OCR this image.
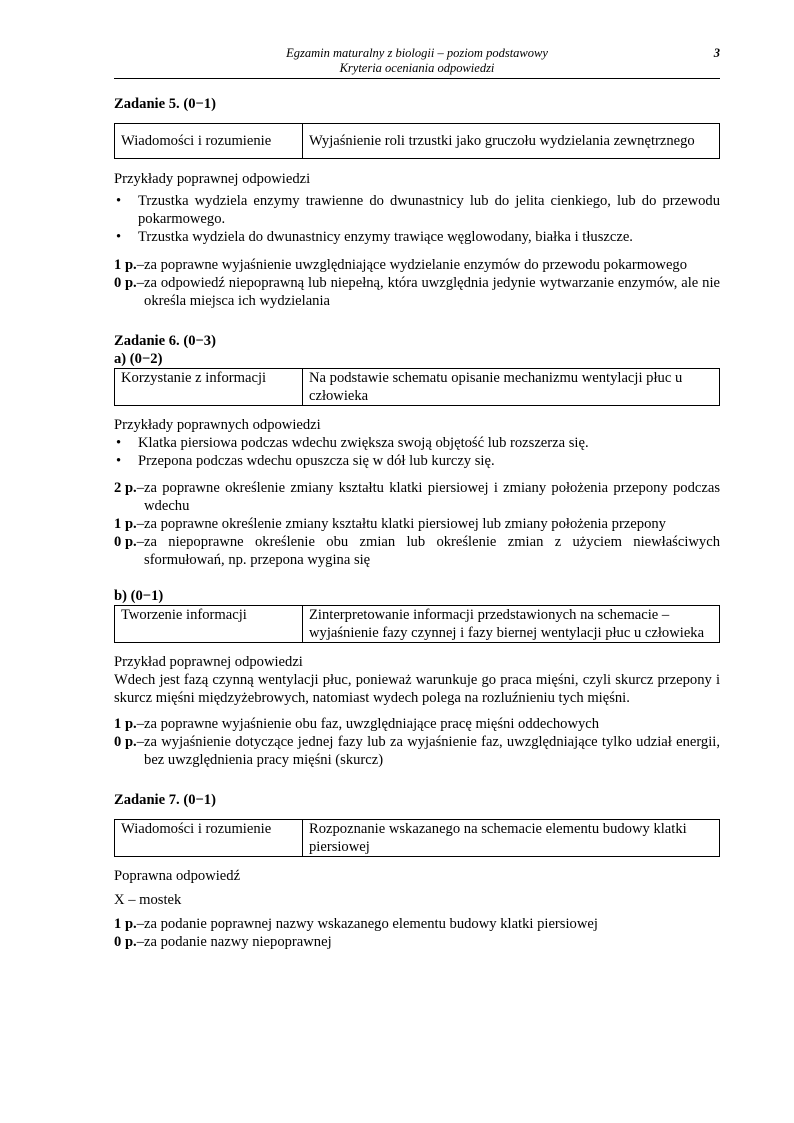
Egzamin maturalny z biologii – poziom podstawowy
Kryteria oceniania odpowiedzi
3
Zadanie 5. (0−1)
Wiadomości i rozumienie	Wyjaśnienie roli trzustki jako gruczołu wydzielania zewnętrznego
Przykłady poprawnej odpowiedzi
• Trzustka wydziela enzymy trawienne do dwunastnicy lub do jelita cienkiego, lub do przewodu pokarmowego.
• Trzustka wydziela do dwunastnicy enzymy trawiące węglowodany, białka i tłuszcze.
1 p. – za poprawne wyjaśnienie uwzględniające wydzielanie enzymów do przewodu pokarmowego
0 p. – za odpowiedź niepoprawną lub niepełną, która uwzględnia jedynie wytwarzanie enzymów, ale nie określa miejsca ich wydzielania
Zadanie 6. (0−3)
a) (0−2)
Korzystanie z informacji	Na podstawie schematu opisanie mechanizmu wentylacji płuc u człowieka
Przykłady poprawnych odpowiedzi
• Klatka piersiowa podczas wdechu zwiększa swoją objętość lub rozszerza się.
• Przepona podczas wdechu opuszcza się w dół lub kurczy się.
2 p. – za poprawne określenie zmiany kształtu klatki piersiowej i zmiany położenia przepony podczas wdechu
1 p. – za poprawne określenie zmiany kształtu klatki piersiowej lub zmiany położenia przepony
0 p. – za niepoprawne określenie obu zmian lub określenie zmian z użyciem niewłaściwych sformułowań, np. przepona wygina się
b) (0−1)
Tworzenie informacji	Zinterpretowanie informacji przedstawionych na schemacie – wyjaśnienie fazy czynnej i fazy biernej wentylacji płuc u człowieka
Przykład poprawnej odpowiedzi

Wdech jest fazą czynną wentylacji płuc, ponieważ warunkuje go praca mięśni, czyli skurcz przepony i skurcz mięśni międzyżebrowych, natomiast wydech polega na rozluźnieniu tych mięśni.

1 p. – za poprawne wyjaśnienie obu faz, uwzględniające pracę mięśni oddechowych
0 p. – za wyjaśnienie dotyczące jednej fazy lub za wyjaśnienie faz, uwzględniające tylko udział energii, bez uwzględnienia pracy mięśni (skurcz)
Zadanie 7. (0−1)
Wiadomości i rozumienie	Rozpoznanie wskazanego na schemacie elementu budowy klatki piersiowej
Poprawna odpowiedź
X – mostek
1 p. – za podanie poprawnej nazwy wskazanego elementu budowy klatki piersiowej
0 p. – za podanie nazwy niepoprawnej
